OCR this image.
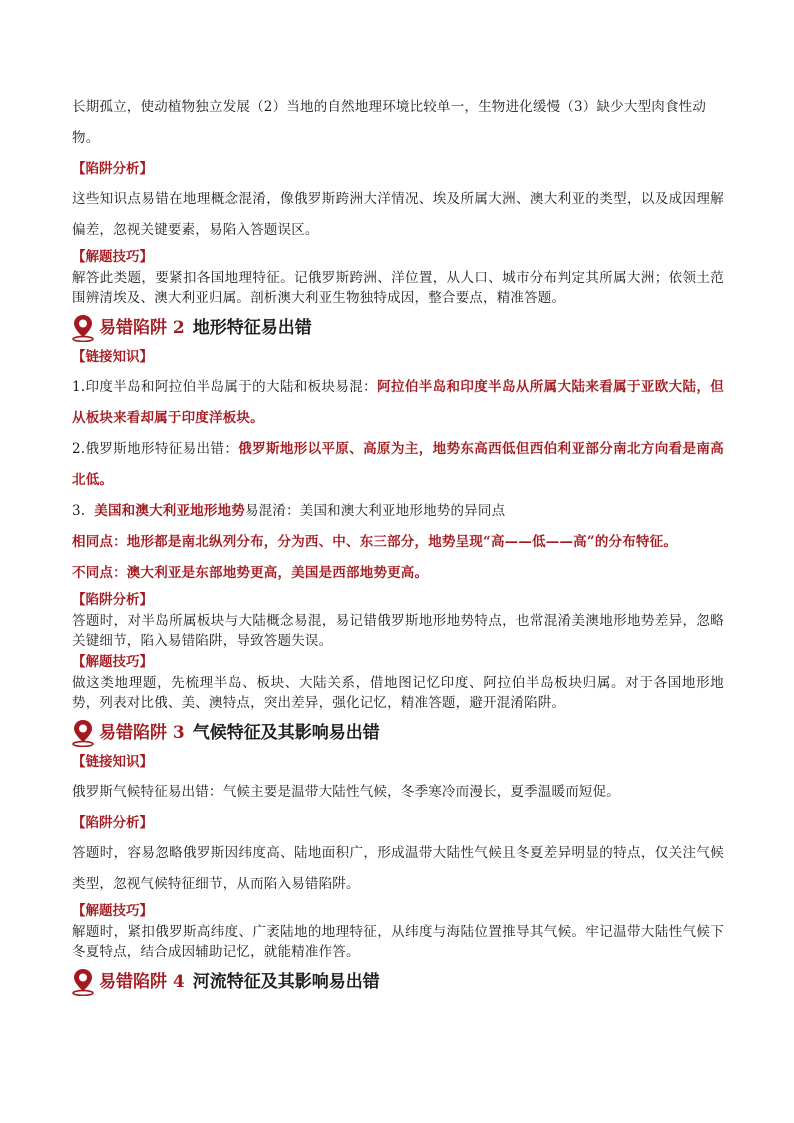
长期孤立，使动植物独立发展（2）当地的自然地理环境比较单一，生物进化缓慢（3）缺少大型肉食性动
物。

【陷阱分析】

这些知识点易错在地理概念混淆，像俄罗斯跨洲大洋情况、埃及所属大洲、澳大利亚的类型，以及成因理解偏差，忽视关键要素，易陷入答题误区。

【解题技巧】

解答此类题，要紧扣各国地理特征。记俄罗斯跨洲、洋位置，从人口、城市分布判定其所属大洲；依领土范围辨清埃及、澳大利亚归属。剖析澳大利亚生物独特成因，整合要点，精准答题。

易错陷阱 2 地形特征易出错

【链接知识】

1.印度半岛和阿拉伯半岛属于的大陆和板块易混：阿拉伯半岛和印度半岛从所属大陆来看属于亚欧大陆，但从板块来看却属于印度洋板块。

2.俄罗斯地形特征易出错：俄罗斯地形以平原、高原为主，地势东高西低但西伯利亚部分南北方向看是南高北低。

3.  美国和澳大利亚地形地势易混淆：美国和澳大利亚地形地势的异同点

相同点：地形都是南北纵列分布，分为西、中、东三部分，地势呈现“高——低——高”的分布特征。

不同点：澳大利亚是东部地势更高，美国是西部地势更高。

【陷阱分析】

答题时，对半岛所属板块与大陆概念易混，易记错俄罗斯地形地势特点，也常混淆美澳地形地势差异，忽略关键细节，陷入易错陷阱，导致答题失误。

【解题技巧】

做这类地理题，先梳理半岛、板块、大陆关系，借地图记忆印度、阿拉伯半岛板块归属。对于各国地形地势，列表对比俄、美、澳特点，突出差异，强化记忆，精准答题，避开混淆陷阱。

易错陷阱 3 气候特征及其影响易出错

【链接知识】

俄罗斯气候特征易出错：气候主要是温带大陆性气候，冬季寒冷而漫长，夏季温暖而短促。

【陷阱分析】

答题时，容易忽略俄罗斯因纬度高、陆地面积广，形成温带大陆性气候且冬夏差异明显的特点，仅关注气候类型，忽视气候特征细节，从而陷入易错陷阱。

【解题技巧】

解题时，紧扣俄罗斯高纬度、广袤陆地的地理特征，从纬度与海陆位置推导其气候。牢记温带大陆性气候下冬夏特点，结合成因辅助记忆，就能精准作答。

易错陷阱 4 河流特征及其影响易出错
